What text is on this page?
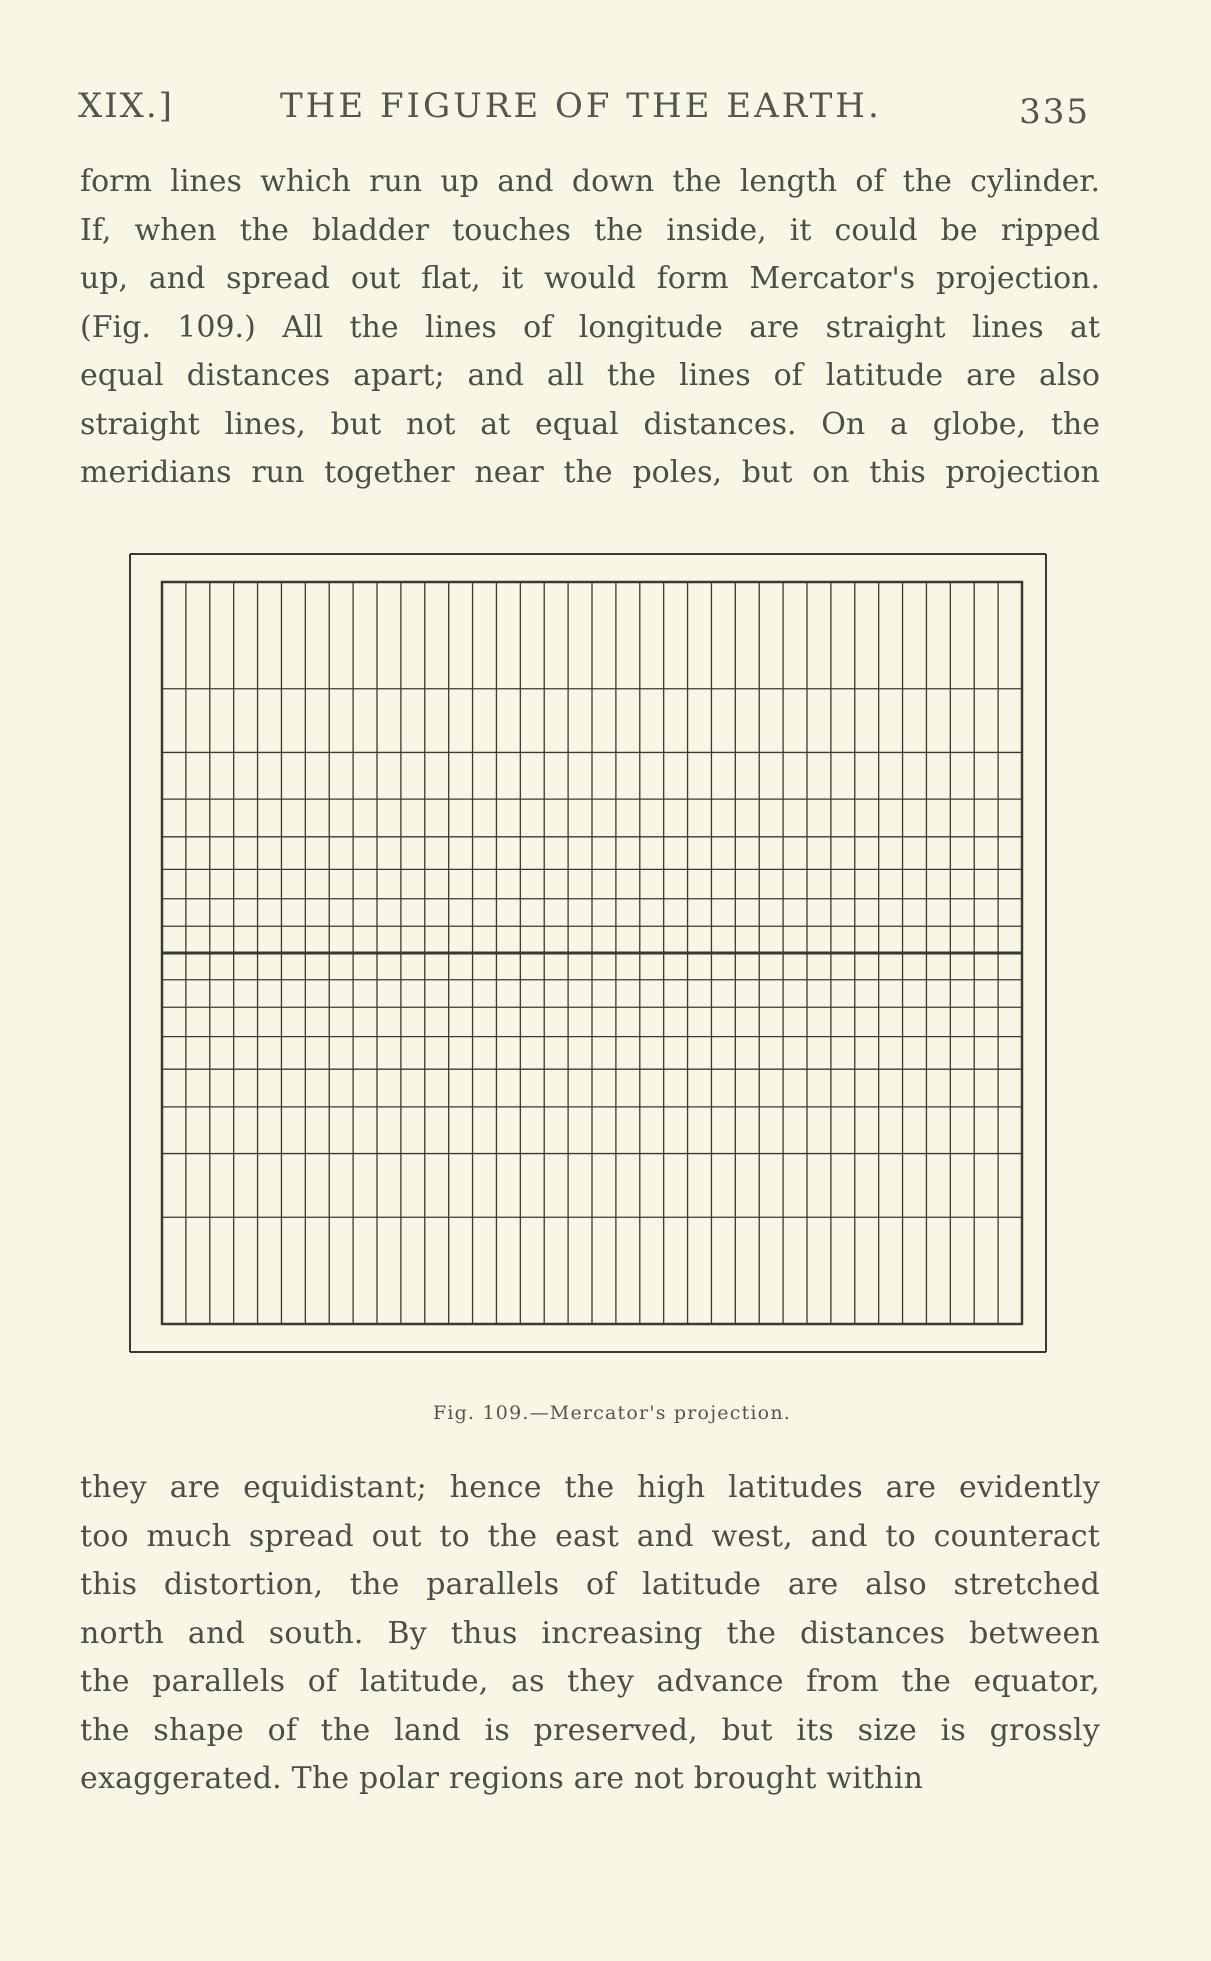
XIX.]	THE FIGURE OF THE EARTH.	335
form lines which run up and down the length of the cylinder.
If, when the bladder touches the inside, it could be ripped
up, and spread out flat, it would form Mercator's projection.
(Fig. 109.) All the lines of longitude are straight lines at
equal distances apart; and all the lines of latitude are also
straight lines, but not at equal distances. On a globe, the
meridians run together near the poles, but on this projection
Fig. 109.—Mercator's projection.
they are equidistant; hence the high latitudes are evidently
too much spread out to the east and west, and to counteract
this distortion, the parallels of latitude are also stretched
north and south. By thus increasing the distances between
the parallels of latitude, as they advance from the equator,
the shape of the land is preserved, but its size is grossly
exaggerated. The polar regions are not brought within
